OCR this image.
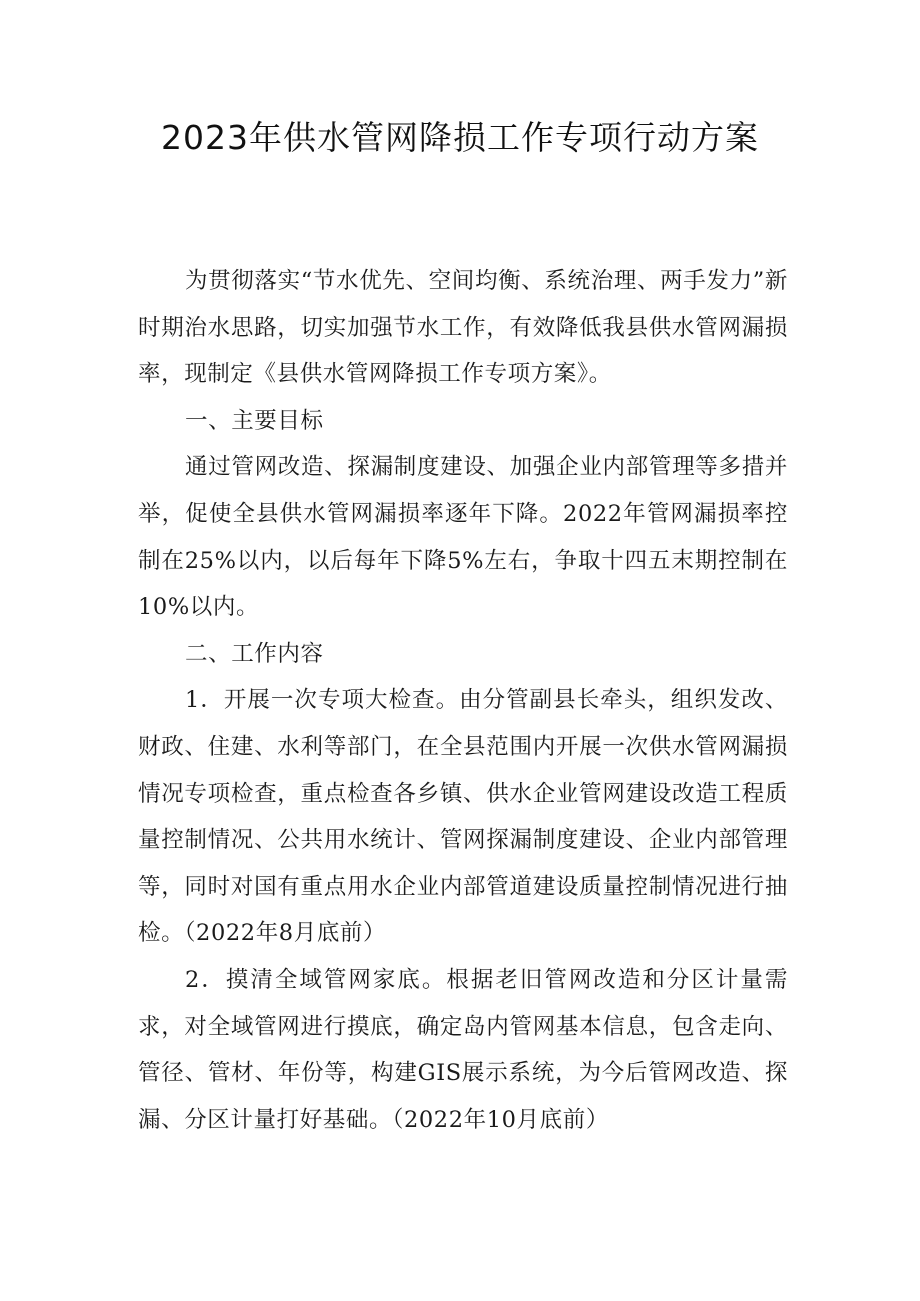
2023年供水管网降损工作专项行动方案

为贯彻落实“节水优先、空间均衡、系统治理、两手发力”新时期治水思路，切实加强节水工作，有效降低我县供水管网漏损率，现制定《县供水管网降损工作专项方案》。

一、主要目标

通过管网改造、探漏制度建设、加强企业内部管理等多措并举，促使全县供水管网漏损率逐年下降。2022年管网漏损率控制在25%以内，以后每年下降5%左右，争取十四五末期控制在10%以内。

二、工作内容

1．开展一次专项大检查。由分管副县长牵头，组织发改、财政、住建、水利等部门，在全县范围内开展一次供水管网漏损情况专项检查，重点检查各乡镇、供水企业管网建设改造工程质量控制情况、公共用水统计、管网探漏制度建设、企业内部管理等，同时对国有重点用水企业内部管道建设质量控制情况进行抽检。（2022年8月底前）

2．摸清全域管网家底。根据老旧管网改造和分区计量需求，对全域管网进行摸底，确定岛内管网基本信息，包含走向、管径、管材、年份等，构建GIS展示系统，为今后管网改造、探漏、分区计量打好基础。（2022年10月底前）
